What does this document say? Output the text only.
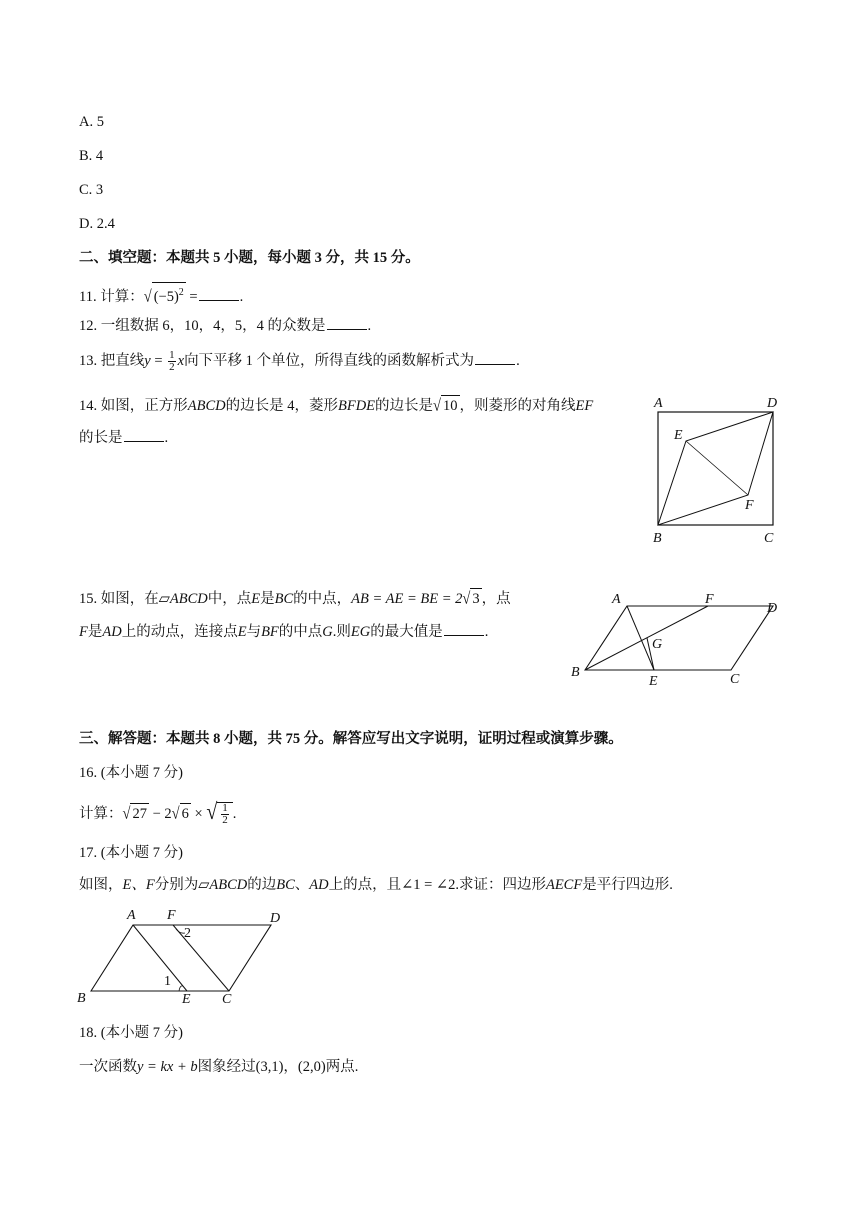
A. 5
B. 4
C. 3
D. 2.4
二、填空题：本题共 5 小题，每小题 3 分，共 15 分。
11. 计算：√ $(-5)^2$ =	.
12. 一组数据 6，10，4，5，4 的众数是	.
13. 把直线$y = \frac{1}{2}$ x向下平移 1 个单位，所得直线的函数解析式为	.
14. 如图，正方形ABCD的边长是 4，菱形BFDE的边长是√ 10 ，则菱形的对角线EF
的长是	.
A	D
E
F
B	C
15. 如图，在▱ABCD中，点E是BC的中点，AB = AE = BE = 2√ 3 ，点
F是AD上的动点，连接点E与BF的中点G.则EG的最大值是	.
A	F
D
G
B
E	C
三、解答题：本题共 8 小题，共 75 分。解答应写出文字说明，证明过程或演算步骤。
16. (本小题 7 分)
计算：√ 27 − 2√ 6 × √ $\frac{1}{2}$ .
17. (本小题 7 分)
如图，E、F分别为▱ABCD的边BC、AD上的点，且∠1 = ∠2.求证：四边形AECF是平行四边形.
A F	D
2
1
B	E C
18. (本小题 7 分)
一次函数y = kx + b图象经过(3,1)，(2,0)两点.
